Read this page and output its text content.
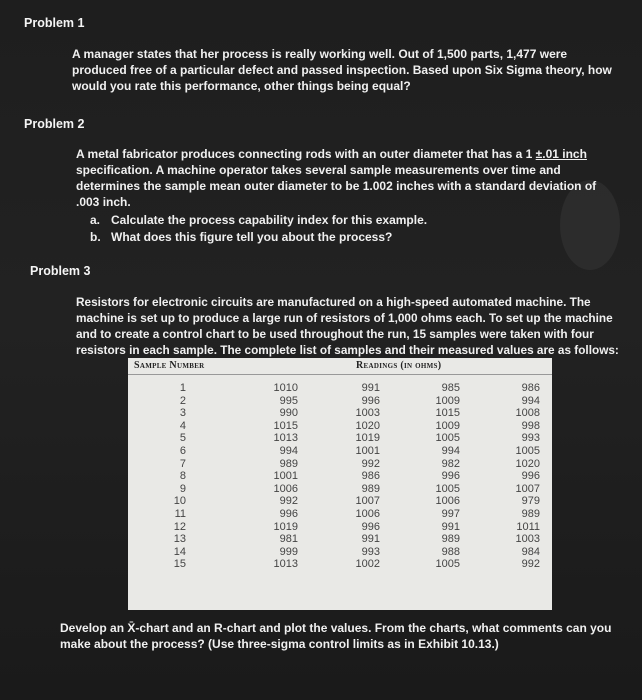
Problem 1
A manager states that her process is really working well. Out of 1,500 parts, 1,477 were
produced free of a particular defect and passed inspection. Based upon Six Sigma theory, how
would you rate this performance, other things being equal?
Problem 2
A metal fabricator produces connecting rods with an outer diameter that has a 1 ±.01 inch
specification. A machine operator takes several sample measurements over time and
determines the sample mean outer diameter to be 1.002 inches with a standard deviation of
.003 inch.
a. Calculate the process capability index for this example.
b. What does this figure tell you about the process?
Problem 3
Resistors for electronic circuits are manufactured on a high-speed automated machine. The
machine is set up to produce a large run of resistors of 1,000 ohms each. To set up the machine
and to create a control chart to be used throughout the run, 15 samples were taken with four
resistors in each sample. The complete list of samples and their measured values are as follows:
Sample Number	Readings (in ohms)
1
2
3
4
5
6
7
8
9
10
11
12
13
14
15
1010
995
990
1015
1013
994
989
1001
1006
992
996
1019
981
999
1013
991
996
1003
1020
1019
1001
992
986
989
1007
1006
996
991
993
1002
985
1009
1015
1009
1005
994
982
996
1005
1006
997
991
989
988
1005
986
994
1008
998
993
1005
1020
996
1007
979
989
1011
1003
984
992
Develop an X̄-chart and an R-chart and plot the values. From the charts, what comments can you
make about the process? (Use three-sigma control limits as in Exhibit 10.13.)
